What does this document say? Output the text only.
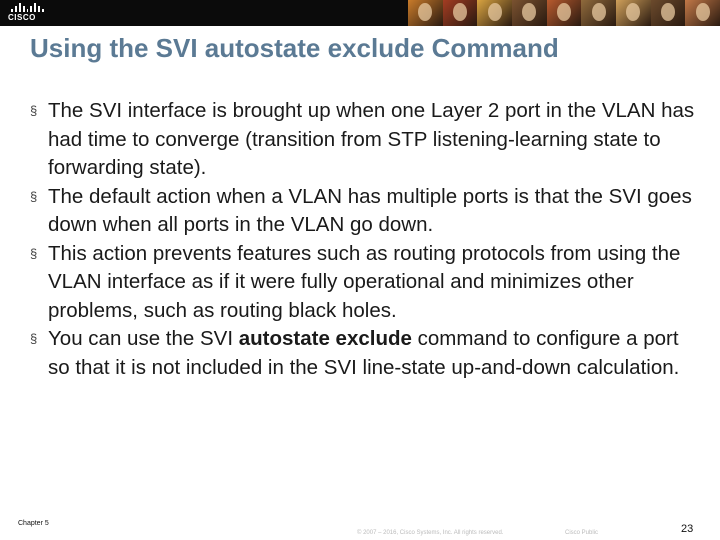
CISCO
Using the SVI autostate exclude Command
§ The SVI interface is brought up when one Layer 2 port in the VLAN has had time to converge (transition from STP listening-learning state to forwarding state).
§ The default action when a VLAN has multiple ports is that the SVI goes down when all ports in the VLAN go down.
§ This action prevents features such as routing protocols from using the VLAN interface as if it were fully operational and minimizes other problems, such as routing black holes.
§ You can use the SVI autostate exclude command to configure a port so that it is not included in the SVI line-state up-and-down calculation.
Chapter 5
© 2007 – 2016, Cisco Systems, Inc. All rights reserved.	Cisco Public	23
